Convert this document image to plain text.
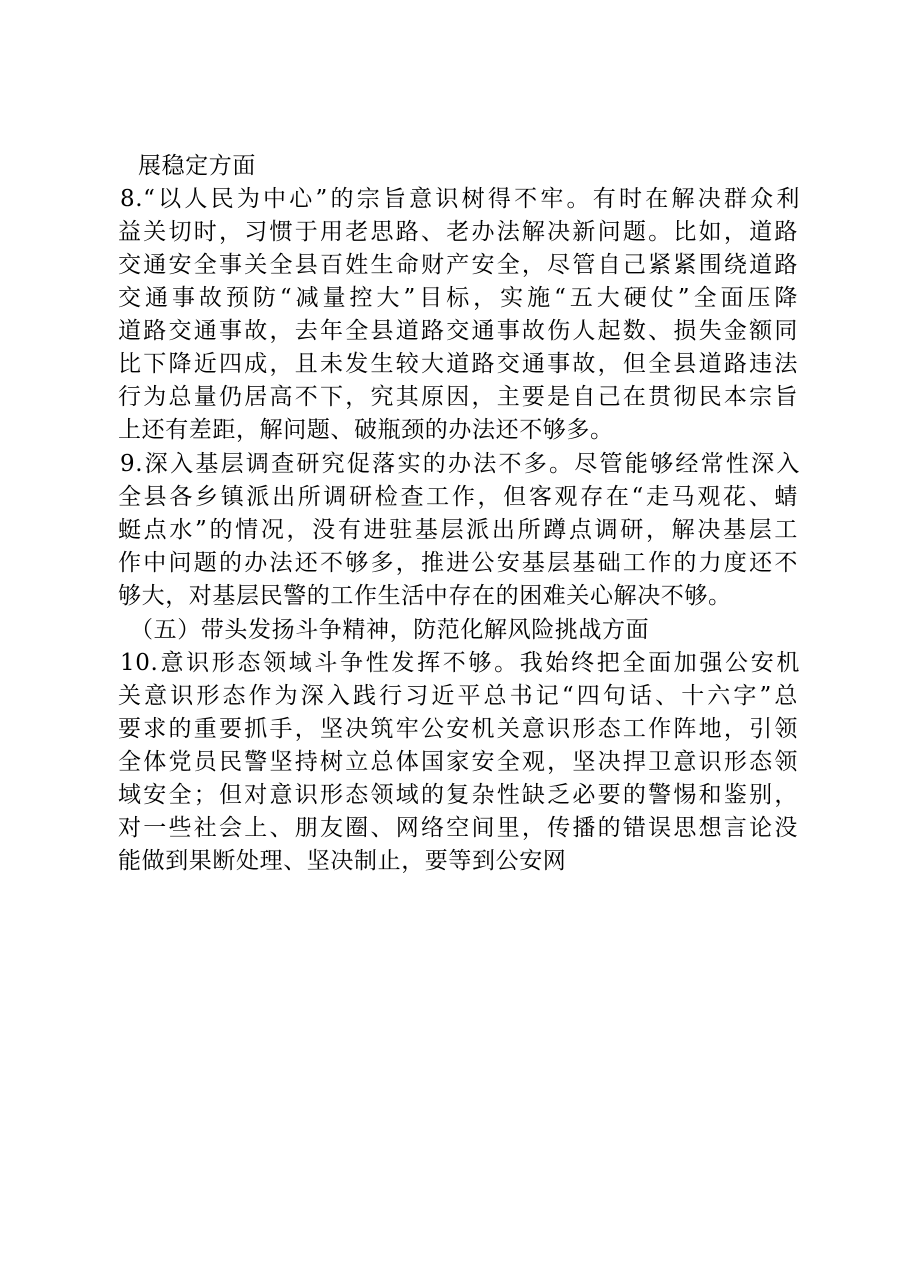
展稳定方面
8.“以人民为中心”的宗旨意识树得不牢。有时在解决群众利
益关切时，习惯于用老思路、老办法解决新问题。比如，道路
交通安全事关全县百姓生命财产安全，尽管自己紧紧围绕道路
交通事故预防“减量控大”目标，实施“五大硬仗”全面压降
道路交通事故，去年全县道路交通事故伤人起数、损失金额同
比下降近四成，且未发生较大道路交通事故，但全县道路违法
行为总量仍居高不下，究其原因，主要是自己在贯彻民本宗旨
上还有差距，解问题、破瓶颈的办法还不够多。
9.深入基层调查研究促落实的办法不多。尽管能够经常性深入
全县各乡镇派出所调研检查工作，但客观存在“走马观花、蜻
蜓点水”的情况，没有进驻基层派出所蹲点调研，解决基层工
作中问题的办法还不够多，推进公安基层基础工作的力度还不
够大，对基层民警的工作生活中存在的困难关心解决不够。
（五）带头发扬斗争精神，防范化解风险挑战方面
10.意识形态领域斗争性发挥不够。我始终把全面加强公安机
关意识形态作为深入践行习近平总书记“四句话、十六字”总
要求的重要抓手，坚决筑牢公安机关意识形态工作阵地，引领
全体党员民警坚持树立总体国家安全观，坚决捍卫意识形态领
域安全；但对意识形态领域的复杂性缺乏必要的警惕和鉴别，
对一些社会上、朋友圈、网络空间里，传播的错误思想言论没
能做到果断处理、坚决制止，要等到公安网
